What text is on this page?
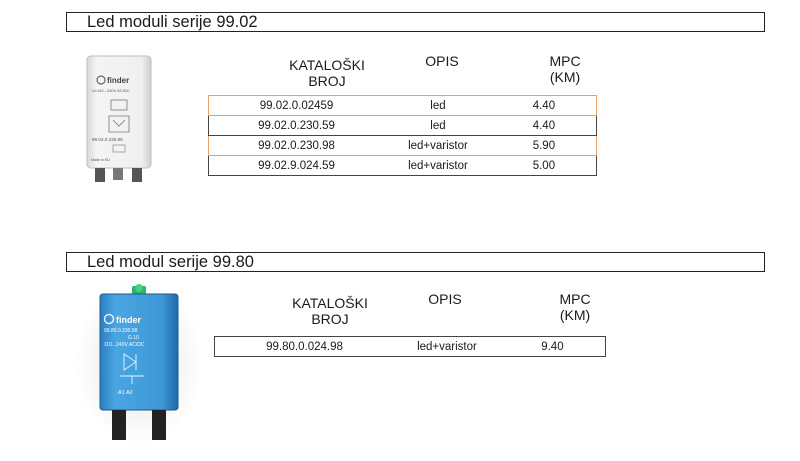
Led moduli serije 99.02
finder
U=110...240V AC/DC
99.02.0.230.98
Made in EU
KATALOŠKI
BROJ
OPIS	MPC
(KM)
99.02.0.02459	led	4.40
99.02.0.230.59	led	4.40
99.02.0.230.98	led+varistor	5.90
99.02.9.024.59	led+varistor	5.00
Led modul serije 99.80
finder
99.80.0.230.98
G 10
110...240V AC/DC
A1 A2
KATALOŠKI
BROJ
OPIS	MPC
(KM)
99.80.0.024.98	led+varistor	9.40
